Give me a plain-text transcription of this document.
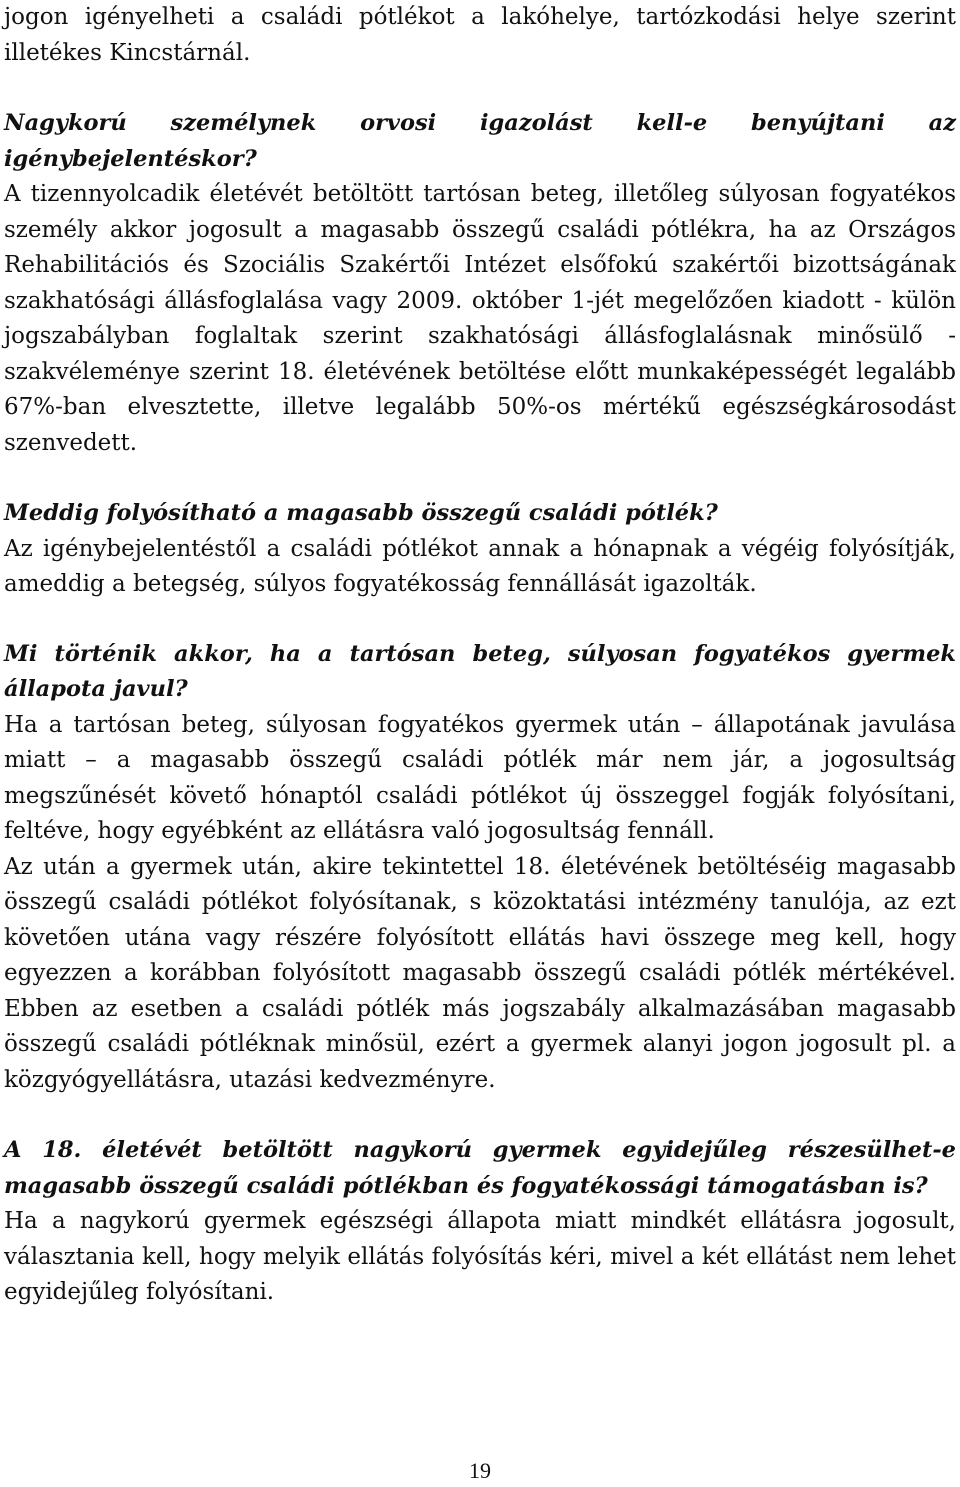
jogon igényelheti a családi pótlékot a lakóhelye, tartózkodási helye szerint illetékes Kincstárnál.

Nagykorú személynek orvosi igazolást kell-e benyújtani az igénybejelentéskor?

A tizennyolcadik életévét betöltött tartósan beteg, illetőleg súlyosan fogyatékos személy akkor jogosult a magasabb összegű családi pótlékra, ha az Országos Rehabilitációs és Szociális Szakértői Intézet elsőfokú szakértői bizottságának szakhatósági állásfoglalása vagy 2009. október 1-jét megelőzően kiadott - külön jogszabályban foglaltak szerint szakhatósági állásfoglalásnak minősülő - szakvéleménye szerint 18. életévének betöltése előtt munkaképességét legalább 67%-ban elvesztette, illetve legalább 50%-os mértékű egészségkárosodást szenvedett.

Meddig folyósítható a magasabb összegű családi pótlék?

Az igénybejelentéstől a családi pótlékot annak a hónapnak a végéig folyósítják, ameddig a betegség, súlyos fogyatékosság fennállását igazolták.

Mi történik akkor, ha a tartósan beteg, súlyosan fogyatékos gyermek állapota javul?

Ha a tartósan beteg, súlyosan fogyatékos gyermek után – állapotának javulása miatt – a magasabb összegű családi pótlék már nem jár, a jogosultság megszűnését követő hónaptól családi pótlékot új összeggel fogják folyósítani, feltéve, hogy egyébként az ellátásra való jogosultság fennáll.

Az után a gyermek után, akire tekintettel 18. életévének betöltéséig magasabb összegű családi pótlékot folyósítanak, s közoktatási intézmény tanulója, az ezt követően utána vagy részére folyósított ellátás havi összege meg kell, hogy egyezzen a korábban folyósított magasabb összegű családi pótlék mértékével. Ebben az esetben a családi pótlék más jogszabály alkalmazásában magasabb összegű családi pótléknak minősül, ezért a gyermek alanyi jogon jogosult pl. a közgyógyellátásra, utazási kedvezményre.

A 18. életévét betöltött nagykorú gyermek egyidejűleg részesülhet-e magasabb összegű családi pótlékban és fogyatékossági támogatásban is?

Ha a nagykorú gyermek egészségi állapota miatt mindkét ellátásra jogosult, választania kell, hogy melyik ellátás folyósítás kéri, mivel a két ellátást nem lehet egyidejűleg folyósítani.

19
